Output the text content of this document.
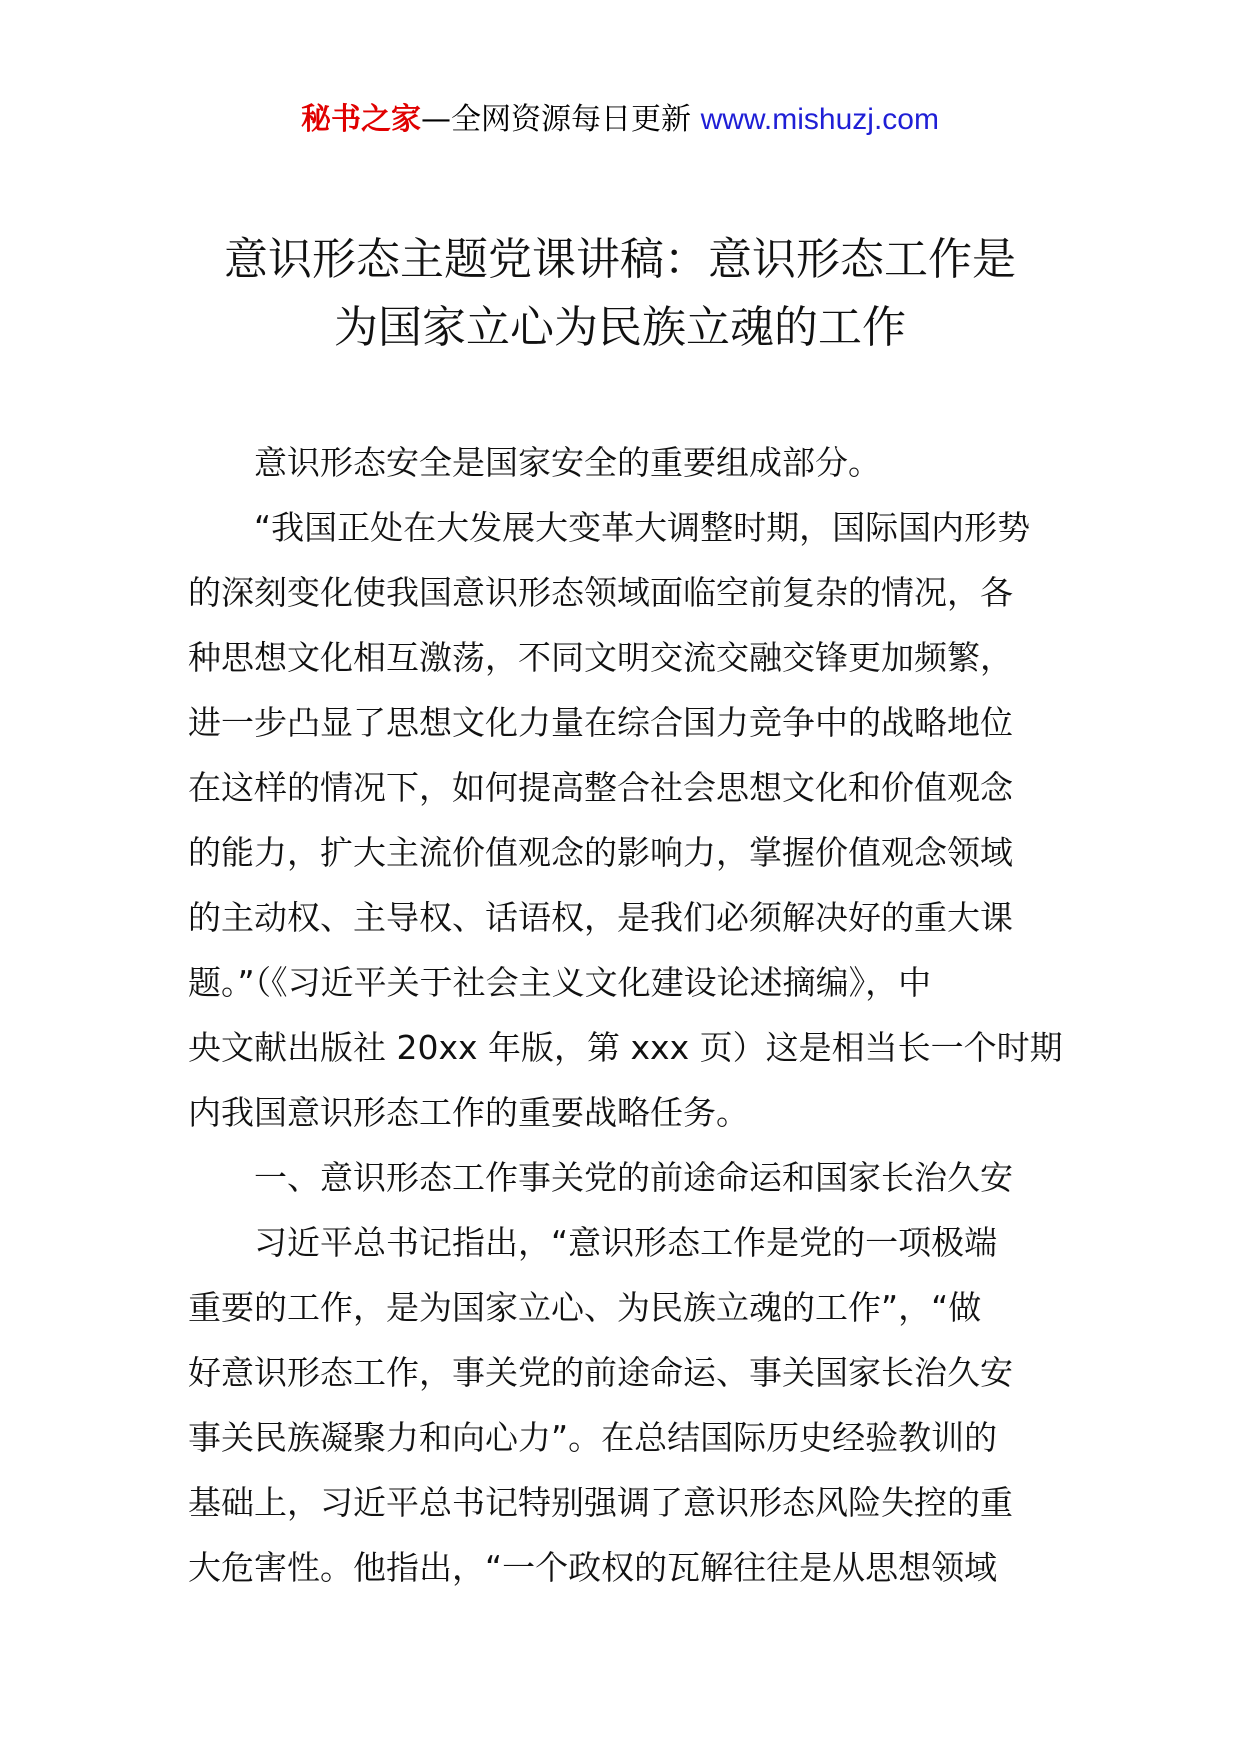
秘书之家—全网资源每日更新 www.mishuzj.com
意识形态主题党课讲稿：意识形态工作是
为国家立心为民族立魂的工作
意识形态安全是国家安全的重要组成部分。
“我国正处在大发展大变革大调整时期，国际国内形势
的深刻变化使我国意识形态领域面临空前复杂的情况，各
种思想文化相互激荡，不同文明交流交融交锋更加频繁，
进一步凸显了思想文化力量在综合国力竞争中的战略地位
在这样的情况下，如何提高整合社会思想文化和价值观念
的能力，扩大主流价值观念的影响力，掌握价值观念领域
的主动权、主导权、话语权，是我们必须解决好的重大课
题。”（《习近平关于社会主义文化建设论述摘编》，中
央文献出版社 20xx 年版，第 xxx 页）这是相当长一个时期
内我国意识形态工作的重要战略任务。
一、意识形态工作事关党的前途命运和国家长治久安
习近平总书记指出，“意识形态工作是党的一项极端
重要的工作，是为国家立心、为民族立魂的工作”，“做
好意识形态工作，事关党的前途命运、事关国家长治久安
事关民族凝聚力和向心力”。在总结国际历史经验教训的
基础上，习近平总书记特别强调了意识形态风险失控的重
大危害性。他指出，“一个政权的瓦解往往是从思想领域
